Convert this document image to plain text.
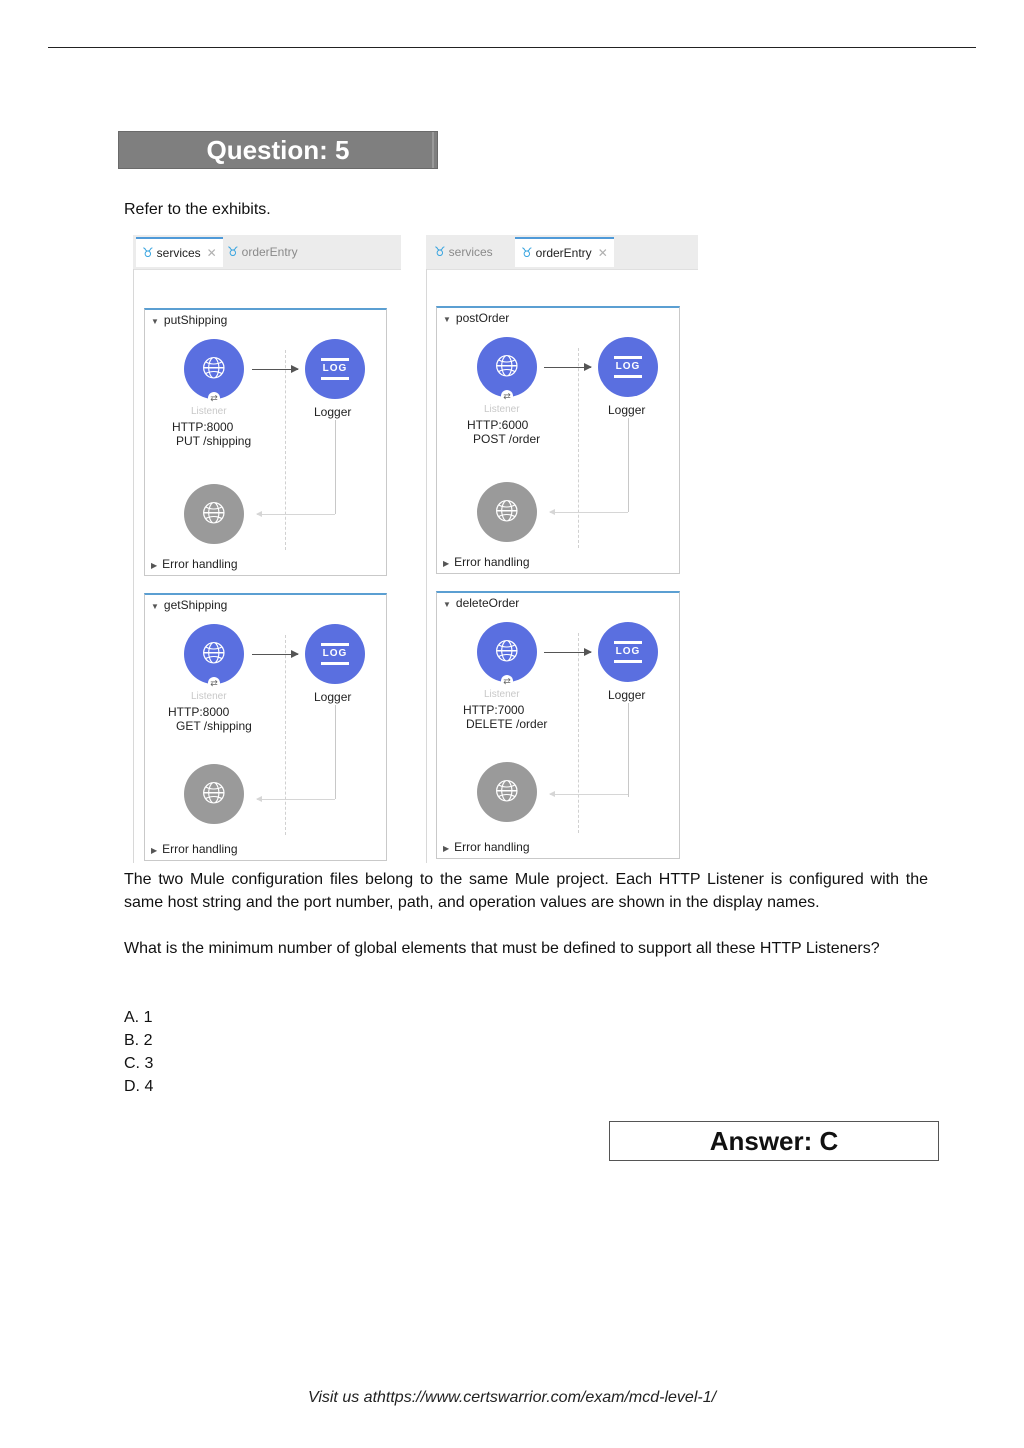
Question: 5
Refer to the exhibits.
♉ services ✕ ♉ orderEntry
▼ putShipping
🌐︎
⇄
LOG
Listener	Logger
HTTP:8000
PUT /shipping
🌐︎
▶ Error handling
▼ getShipping
🌐︎
⇄
LOG
Listener	Logger
HTTP:8000
GET /shipping
🌐︎
▶ Error handling
♉ services ♉ orderEntry ✕
▼ postOrder
🌐︎
⇄
LOG
Listener	Logger
HTTP:6000
POST /order
🌐︎
▶ Error handling
▼ deleteOrder
🌐︎
⇄
LOG
Listener	Logger
HTTP:7000
DELETE /order
🌐︎
▶ Error handling
The two Mule configuration files belong to the same Mule project. Each HTTP Listener is configured with the same host string and the port number, path, and operation values are shown in the display names.
What is the minimum number of global elements that must be defined to support all these HTTP Listeners?
A. 1
B. 2
C. 3
D. 4
Answer: C
Visit us athttps://www.certswarrior.com/exam/mcd-level-1/
